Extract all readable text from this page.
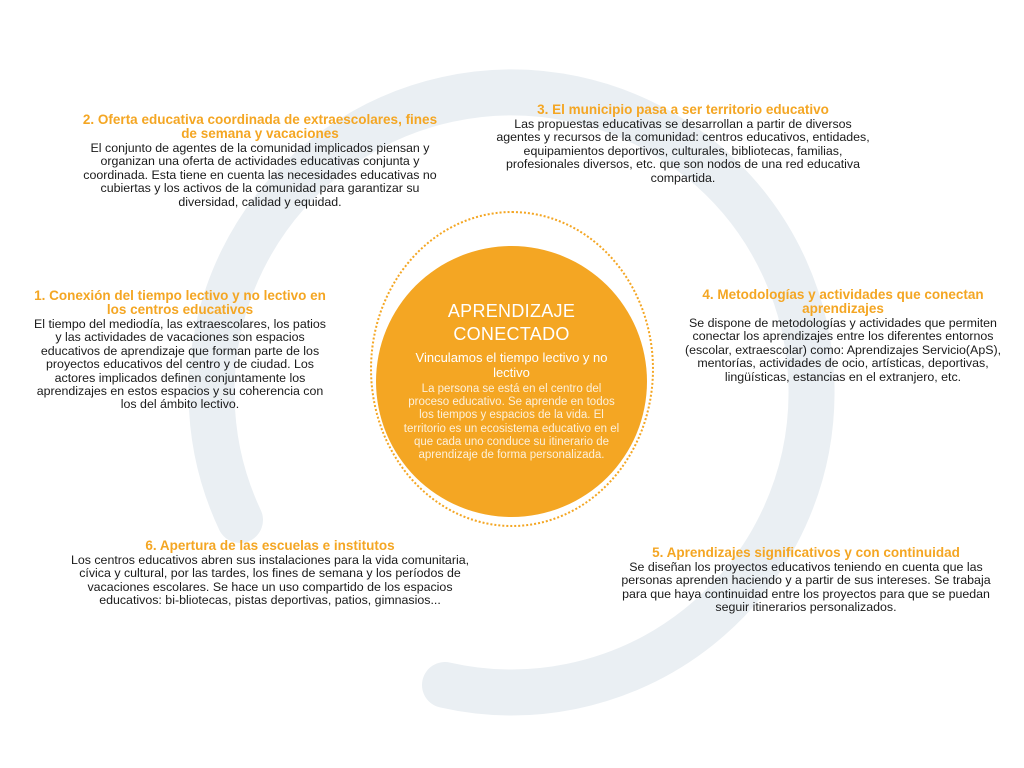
APRENDIZAJE
CONECTADO
Vinculamos el tiempo lectivo y no lectivo
La persona se está en el centro del proceso educativo. Se aprende en todos los tiempos y espacios de la vida. El territorio es un ecosistema educativo en el que cada uno conduce su itinerario de aprendizaje de forma personalizada.
1. Conexión del tiempo lectivo y no lectivo en los centros educativos

El tiempo del mediodía, las extraescolares, los patios y las actividades de vacaciones son espacios educativos de aprendizaje que forman parte de los proyectos educativos del centro y de ciudad. Los actores implicados definen conjuntamente los aprendizajes en estos espacios y su coherencia con los del ámbito lectivo.

2. Oferta educativa coordinada de extraescolares, fines de semana y vacaciones

El conjunto de agentes de la comunidad implicados piensan y organizan una oferta de actividades educativas conjunta y coordinada. Esta tiene en cuenta las necesidades educativas no cubiertas y los activos de la comunidad para garantizar su diversidad, calidad y equidad.

3. El municipio pasa a ser territorio educativo

Las propuestas educativas se desarrollan a partir de diversos agentes y recursos de la comunidad: centros educativos, entidades, equipamientos deportivos, culturales, bibliotecas, familias, profesionales diversos, etc. que son nodos de una red educativa compartida.

4. Metodologías y actividades que conectan aprendizajes

Se dispone de metodologías y actividades que permiten conectar los aprendizajes entre los diferentes entornos (escolar, extraescolar) como: Aprendizajes Servicio(ApS), mentorías, actividades de ocio, artísticas, deportivas, lingüísticas, estancias en el extranjero, etc.

5. Aprendizajes significativos y con continuidad

Se diseñan los proyectos educativos teniendo en cuenta que las personas aprenden haciendo y a partir de sus intereses. Se trabaja para que haya continuidad entre los proyectos para que se puedan seguir itinerarios personalizados.

6. Apertura de las escuelas e institutos

Los centros educativos abren sus instalaciones para la vida comunitaria, cívica y cultural, por las tardes, los fines de semana y los períodos de vacaciones escolares. Se hace un uso compartido de los espacios educativos: bi-bliotecas, pistas deportivas, patios, gimnasios...
